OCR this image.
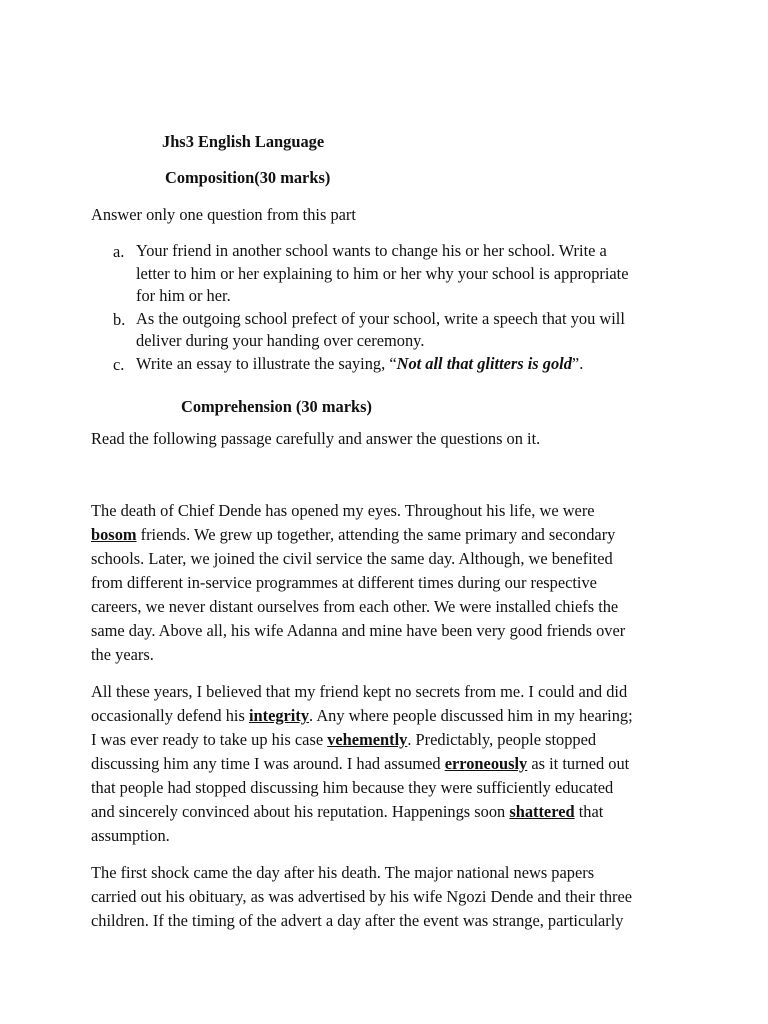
Jhs3 English Language
Composition(30 marks)
Answer only one question from this part
a. Your friend in another school wants to change his or her school. Write a
letter to him or her explaining to him or her why your school is appropriate
for him or her.
b. As the outgoing school prefect of your school, write a speech that you will
deliver during your handing over ceremony.
c. Write an essay to illustrate the saying, “Not all that glitters is gold”.
Comprehension (30 marks)
Read the following passage carefully and answer the questions on it.
The death of Chief Dende has opened my eyes. Throughout his life, we were
bosom friends. We grew up together, attending the same primary and secondary
schools. Later, we joined the civil service the same day. Although, we benefited
from different in-service programmes at different times during our respective
careers, we never distant ourselves from each other. We were installed chiefs the
same day. Above all, his wife Adanna and mine have been very good friends over
the years.
All these years, I believed that my friend kept no secrets from me. I could and did
occasionally defend his integrity. Any where people discussed him in my hearing;
I was ever ready to take up his case vehemently. Predictably, people stopped
discussing him any time I was around. I had assumed erroneously as it turned out
that people had stopped discussing him because they were sufficiently educated
and sincerely convinced about his reputation. Happenings soon shattered that
assumption.
The first shock came the day after his death. The major national news papers
carried out his obituary, as was advertised by his wife Ngozi Dende and their three
children. If the timing of the advert a day after the event was strange, particularly
